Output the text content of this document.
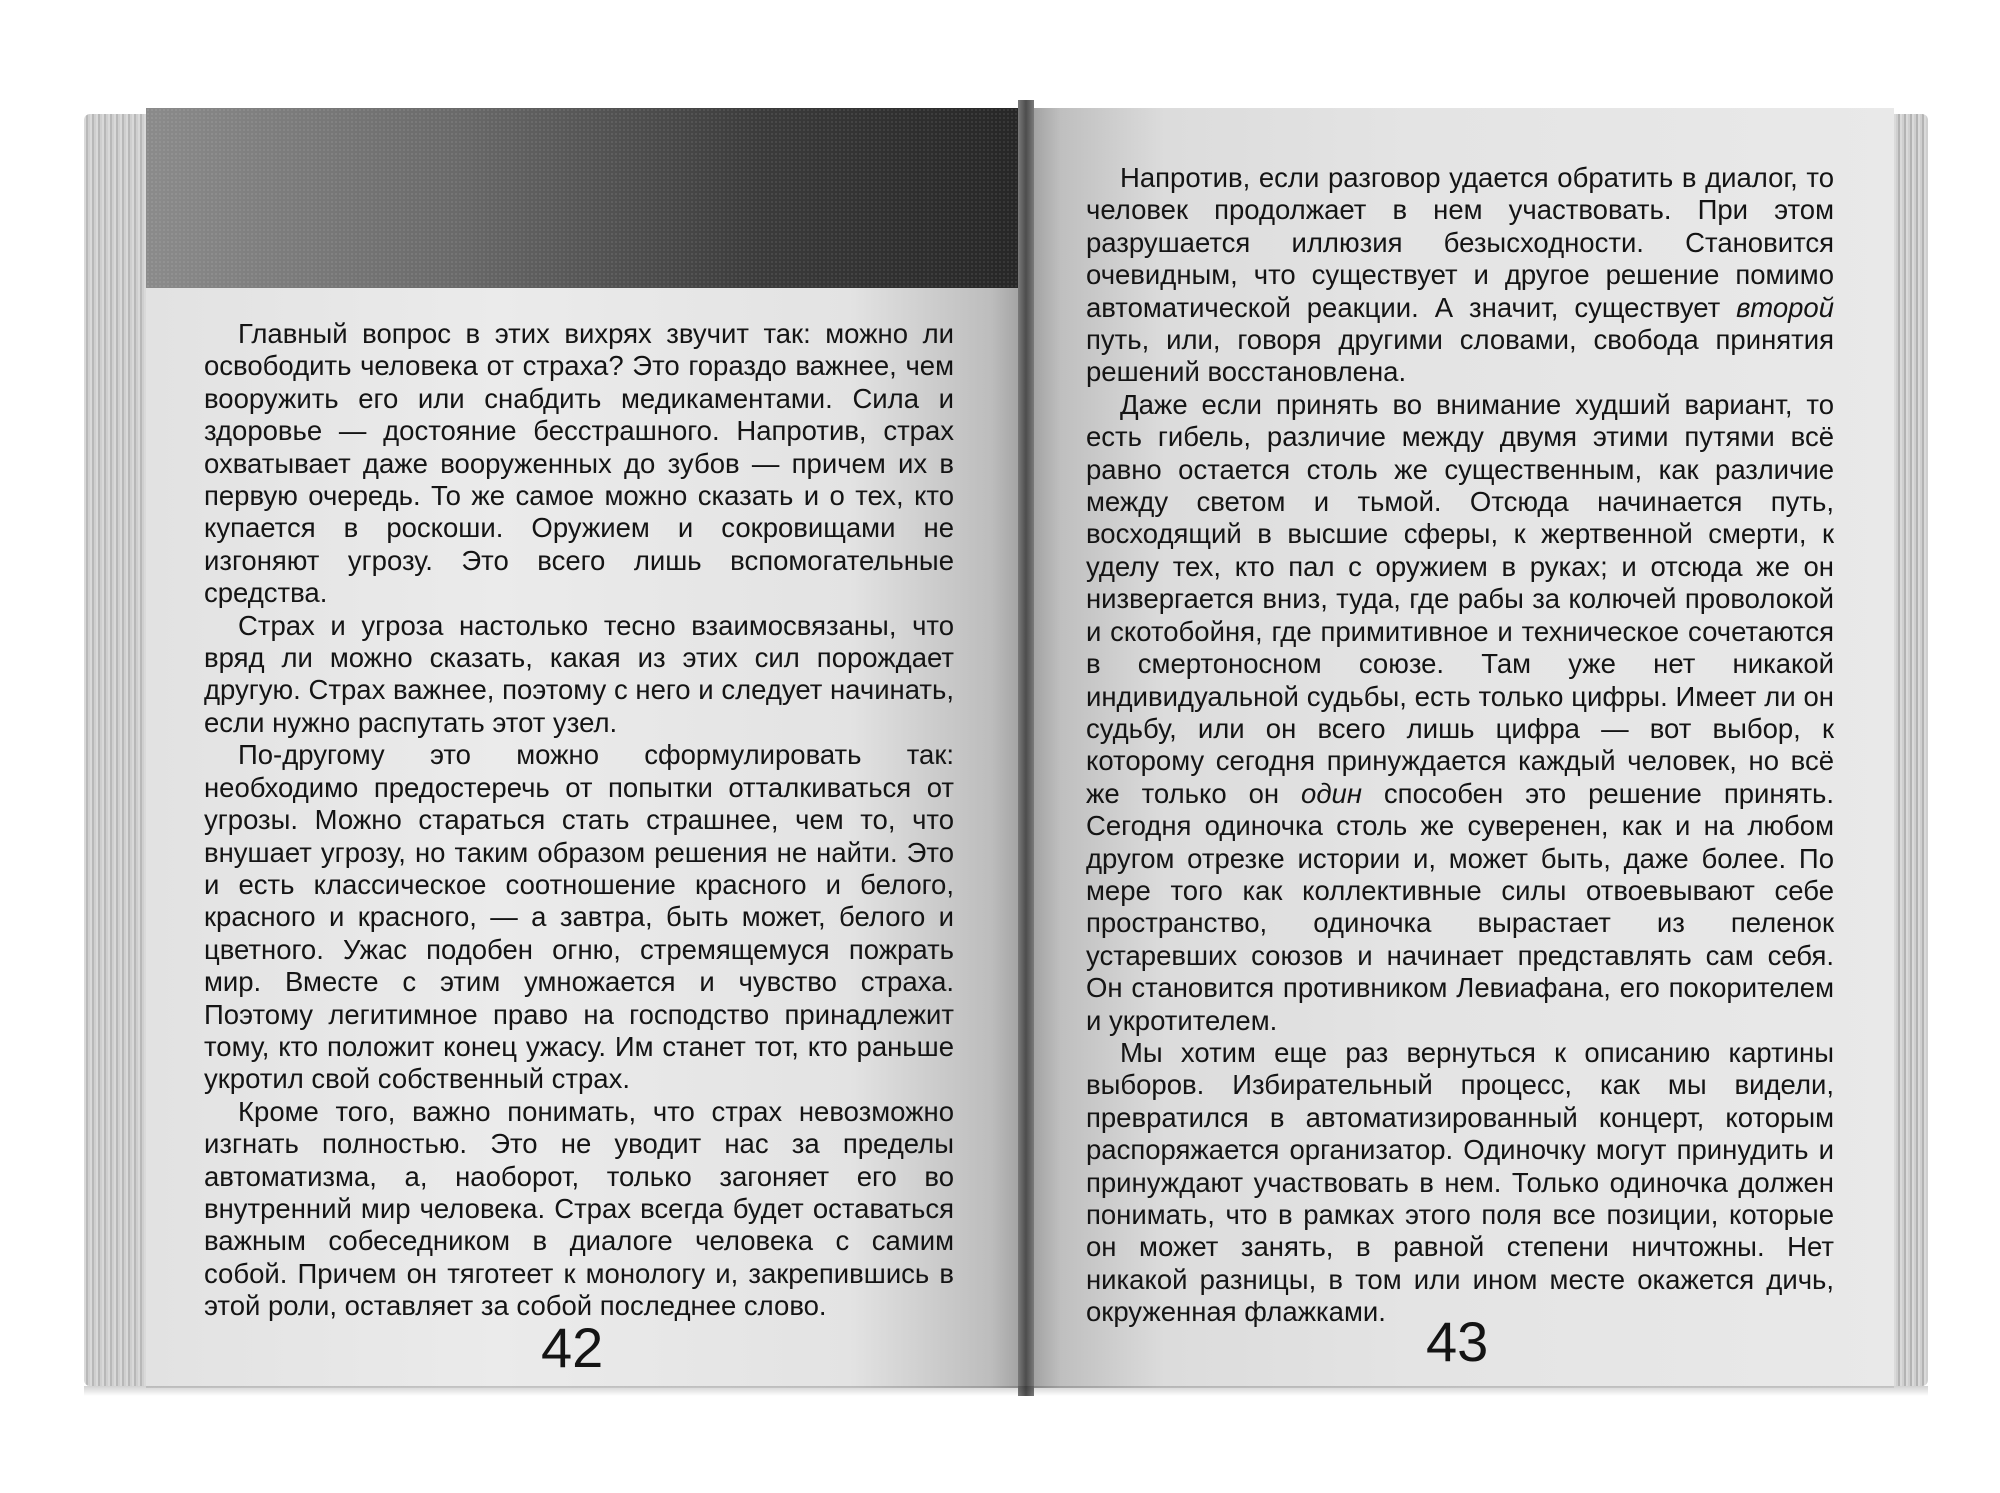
Главный вопрос в этих вихрях звучит так: можно ли освободить человека от страха? Это гораздо важнее, чем вооружить его или снабдить медикаментами. Сила и здоровье — достояние бесстрашного. Напротив, страх охватывает даже вооруженных до зубов — причем их в первую очередь. То же самое можно сказать и о тех, кто купается в роскоши. Оружием и сокровищами не изгоняют угрозу. Это всего лишь вспомогательные средства.

Страх и угроза настолько тесно взаимосвязаны, что вряд ли можно сказать, какая из этих сил порождает другую. Страх важнее, поэтому с него и следует начинать, если нужно распутать этот узел.

По-другому это можно сформулировать так: необходимо предостеречь от попытки отталкиваться от угрозы. Можно стараться стать страшнее, чем то, что внушает угрозу, но таким образом решения не найти. Это и есть классическое соотношение красного и белого, красного и красного, — а завтра, быть может, белого и цветного. Ужас подобен огню, стремящемуся пожрать мир. Вместе с этим умножается и чувство страха. Поэтому легитимное право на господство принадлежит тому, кто положит конец ужасу. Им станет тот, кто раньше укротил свой собственный страх.

Кроме того, важно понимать, что страх невозможно изгнать полностью. Это не уводит нас за пределы автоматизма, а, наоборот, только загоняет его во внутренний мир человека. Страх всегда будет оставаться важным собеседником в диалоге человека с самим собой. Причем он тяготеет к монологу и, закрепившись в этой роли, оставляет за собой последнее слово.

42

Напротив, если разговор удается обратить в диалог, то человек продолжает в нем участвовать. При этом разрушается иллюзия безысходности. Становится очевидным, что существует и другое решение помимо автоматической реакции. А значит, существует второй путь, или, говоря другими словами, свобода принятия решений восстановлена.

Даже если принять во внимание худший вариант, то есть гибель, различие между двумя этими путями всё равно остается столь же существенным, как различие между светом и тьмой. Отсюда начинается путь, восходящий в высшие сферы, к жертвенной смерти, к уделу тех, кто пал с оружием в руках; и отсюда же он низвергается вниз, туда, где рабы за колючей проволокой и скотобойня, где примитивное и техническое сочетаются в смертоносном союзе. Там уже нет никакой индивидуальной судьбы, есть только цифры. Имеет ли он судьбу, или он всего лишь цифра — вот выбор, к которому сегодня принуждается каждый человек, но всё же только он один способен это решение принять. Сегодня одиночка столь же суверенен, как и на любом другом отрезке истории и, может быть, даже более. По мере того как коллективные силы отвоевывают себе пространство, одиночка вырастает из пеленок устаревших союзов и начинает представлять сам себя. Он становится противником Левиафана, его покорителем и укротителем.

Мы хотим еще раз вернуться к описанию картины выборов. Избирательный процесс, как мы видели, превратился в автоматизированный концерт, которым распоряжается организатор. Одиночку могут принудить и принуждают участвовать в нем. Только одиночка должен понимать, что в рамках этого поля все позиции, которые он может занять, в равной степени ничтожны. Нет никакой разницы, в том или ином месте окажется дичь, окруженная флажками. 43
